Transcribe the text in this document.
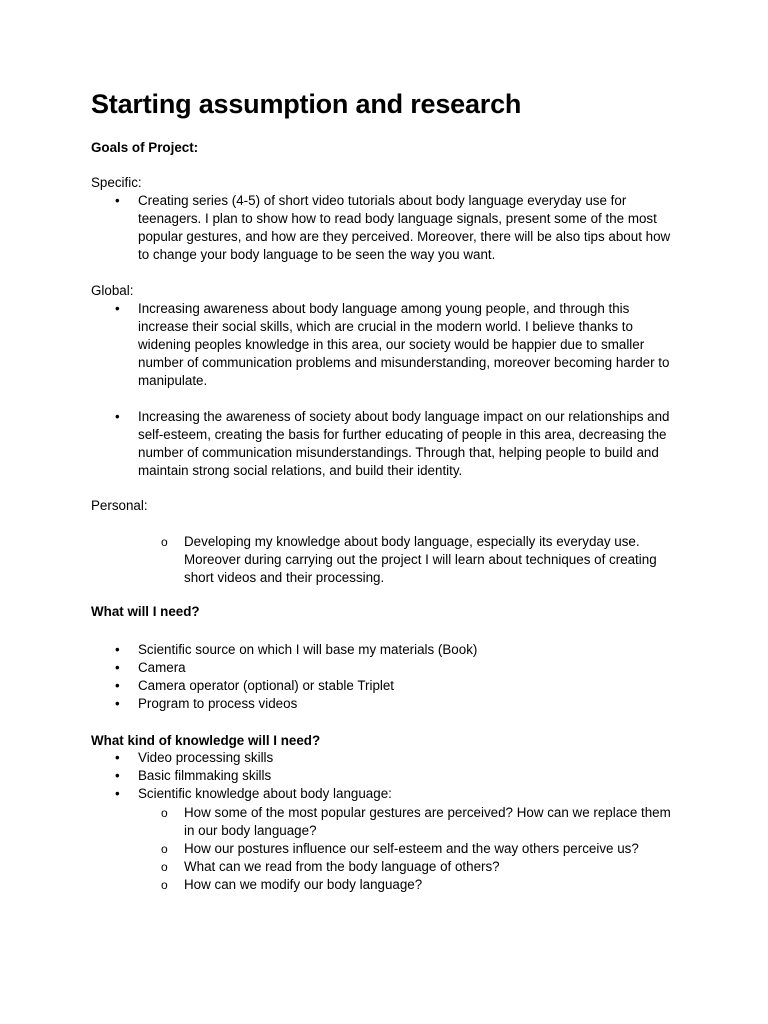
Starting assumption and research

Goals of Project:

Specific:

• Creating series (4-5) of short video tutorials about body language everyday use for teenagers. I plan to show how to read body language signals, present some of the most popular gestures, and how are they perceived. Moreover, there will be also tips about how to change your body language to be seen the way you want.

Global:

• Increasing awareness about body language among young people, and through this increase their social skills, which are crucial in the modern world. I believe thanks to widening peoples knowledge in this area, our society would be happier due to smaller number of communication problems and misunderstanding, moreover becoming harder to manipulate.
• Increasing the awareness of society about body language impact on our relationships and self-esteem, creating the basis for further educating of people in this area, decreasing the number of communication misunderstandings. Through that, helping people to build and maintain strong social relations, and build their identity.

Personal:

o Developing my knowledge about body language, especially its everyday use. Moreover during carrying out the project I will learn about techniques of creating short videos and their processing.

What will I need?

• Scientific source on which I will base my materials (Book)
• Camera
• Camera operator (optional) or stable Triplet
• Program to process videos

What kind of knowledge will I need?

• Video processing skills
• Basic filmmaking skills
• Scientific knowledge about body language:
o How some of the most popular gestures are perceived? How can we replace them in our body language?
o How our postures influence our self-esteem and the way others perceive us?
o What can we read from the body language of others?
o How can we modify our body language?
